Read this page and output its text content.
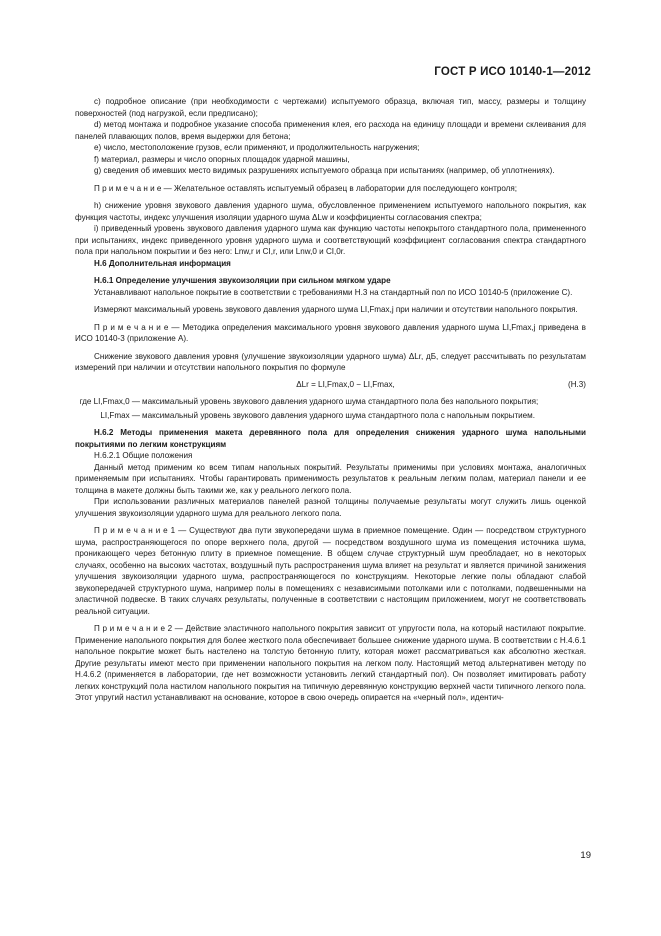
ГОСТ Р ИСО 10140-1—2012

c) подробное описание (при необходимости с чертежами) испытуемого образца, включая тип, массу, размеры и толщину поверхностей (под нагрузкой, если предписано);

d) метод монтажа и подробное указание способа применения клея, его расхода на единицу площади и времени склеивания для панелей плавающих полов, время выдержки для бетона;

e) число, местоположение грузов, если применяют, и продолжительность нагружения;

f) материал, размеры и число опорных площадок ударной машины,

g) сведения об имевших место видимых разрушениях испытуемого образца при испытаниях (например, об уплотнениях).

П р и м е ч а н и е — Желательное оставлять испытуемый образец в лаборатории для последующего контроля;

h) снижение уровня звукового давления ударного шума, обусловленное применением испытуемого напольного покрытия, как функция частоты, индекс улучшения изоляции ударного шума ΔLw и коэффициенты согласования спектра;

i) приведенный уровень звукового давления ударного шума как функцию частоты непокрытого стандартного пола, примененного при испытаниях, индекс приведенного уровня ударного шума и соответствующий коэффициент согласования спектра стандартного пола при напольном покрытии и без него: Lnw,r и CI,r, или Lnw,0 и CI,0r.

Н.6 Дополнительная информация

Н.6.1 Определение улучшения звукоизоляции при сильном мягком ударе

Устанавливают напольное покрытие в соответствии с требованиями Н.3 на стандартный пол по ИСО 10140-5 (приложение С).

Измеряют максимальный уровень звукового давления ударного шума LI,Fmax,j при наличии и отсутствии напольного покрытия.

П р и м е ч а н и е — Методика определения максимального уровня звукового давления ударного шума LI,Fmax,j приведена в ИСО 10140-3 (приложение А).

Снижение звукового давления уровня (улучшение звукоизоляции ударного шума) ΔLr, дБ, следует рассчитывать по результатам измерений при наличии и отсутствии напольного покрытия по формуле

ΔLr = LI,Fmax,0 − LI,Fmax,	(Н.3)
где LI,Fmax,0 — максимальный уровень звукового давления ударного шума стандартного пола без напольного покрытия;
LI,Fmax — максимальный уровень звукового давления ударного шума стандартного пола с напольным покрытием.

Н.6.2 Методы применения макета деревянного пола для определения снижения ударного шума напольными покрытиями по легким конструкциям

Н.6.2.1 Общие положения

Данный метод применим ко всем типам напольных покрытий. Результаты применимы при условиях монтажа, аналогичных применяемым при испытаниях. Чтобы гарантировать применимость результатов к реальным легким полам, материал панели и ее толщина в макете должны быть такими же, как у реального легкого пола.

При использовании различных материалов панелей разной толщины получаемые результаты могут служить лишь оценкой улучшения звукоизоляции ударного шума для реального легкого пола.

П р и м е ч а н и е 1 — Существуют два пути звукопередачи шума в приемное помещение. Один — посредством структурного шума, распространяющегося по опоре верхнего пола, другой — посредством воздушного шума из помещения источника шума, проникающего через бетонную плиту в приемное помещение. В общем случае структурный шум преобладает, но в некоторых случаях, особенно на высоких частотах, воздушный путь распространения шума влияет на результат и является причиной занижения улучшения звукоизоляции ударного шума, распространяющегося по конструкциям. Некоторые легкие полы обладают слабой звукопередачей структурного шума, например полы в помещениях с независимыми потолками или с потолками, подвешенными на эластичной подвеске. В таких случаях результаты, полученные в соответствии с настоящим приложением, могут не соответствовать реальной ситуации.

П р и м е ч а н и е 2 — Действие эластичного напольного покрытия зависит от упругости пола, на который настилают покрытие. Применение напольного покрытия для более жесткого пола обеспечивает большее снижение ударного шума. В соответствии с Н.4.6.1 напольное покрытие может быть настелено на толстую бетонную плиту, которая может рассматриваться как абсолютно жесткая. Другие результаты имеют место при применении напольного покрытия на легком полу. Настоящий метод альтернативен методу по Н.4.6.2 (применяется в лаборатории, где нет возможности установить легкий стандартный пол). Он позволяет имитировать работу легких конструкций пола настилом напольного покрытия на типичную деревянную конструкцию верхней части типичного легкого пола. Этот упругий настил устанавливают на основание, которое в свою очередь опирается на «черный пол», идентич-

19
